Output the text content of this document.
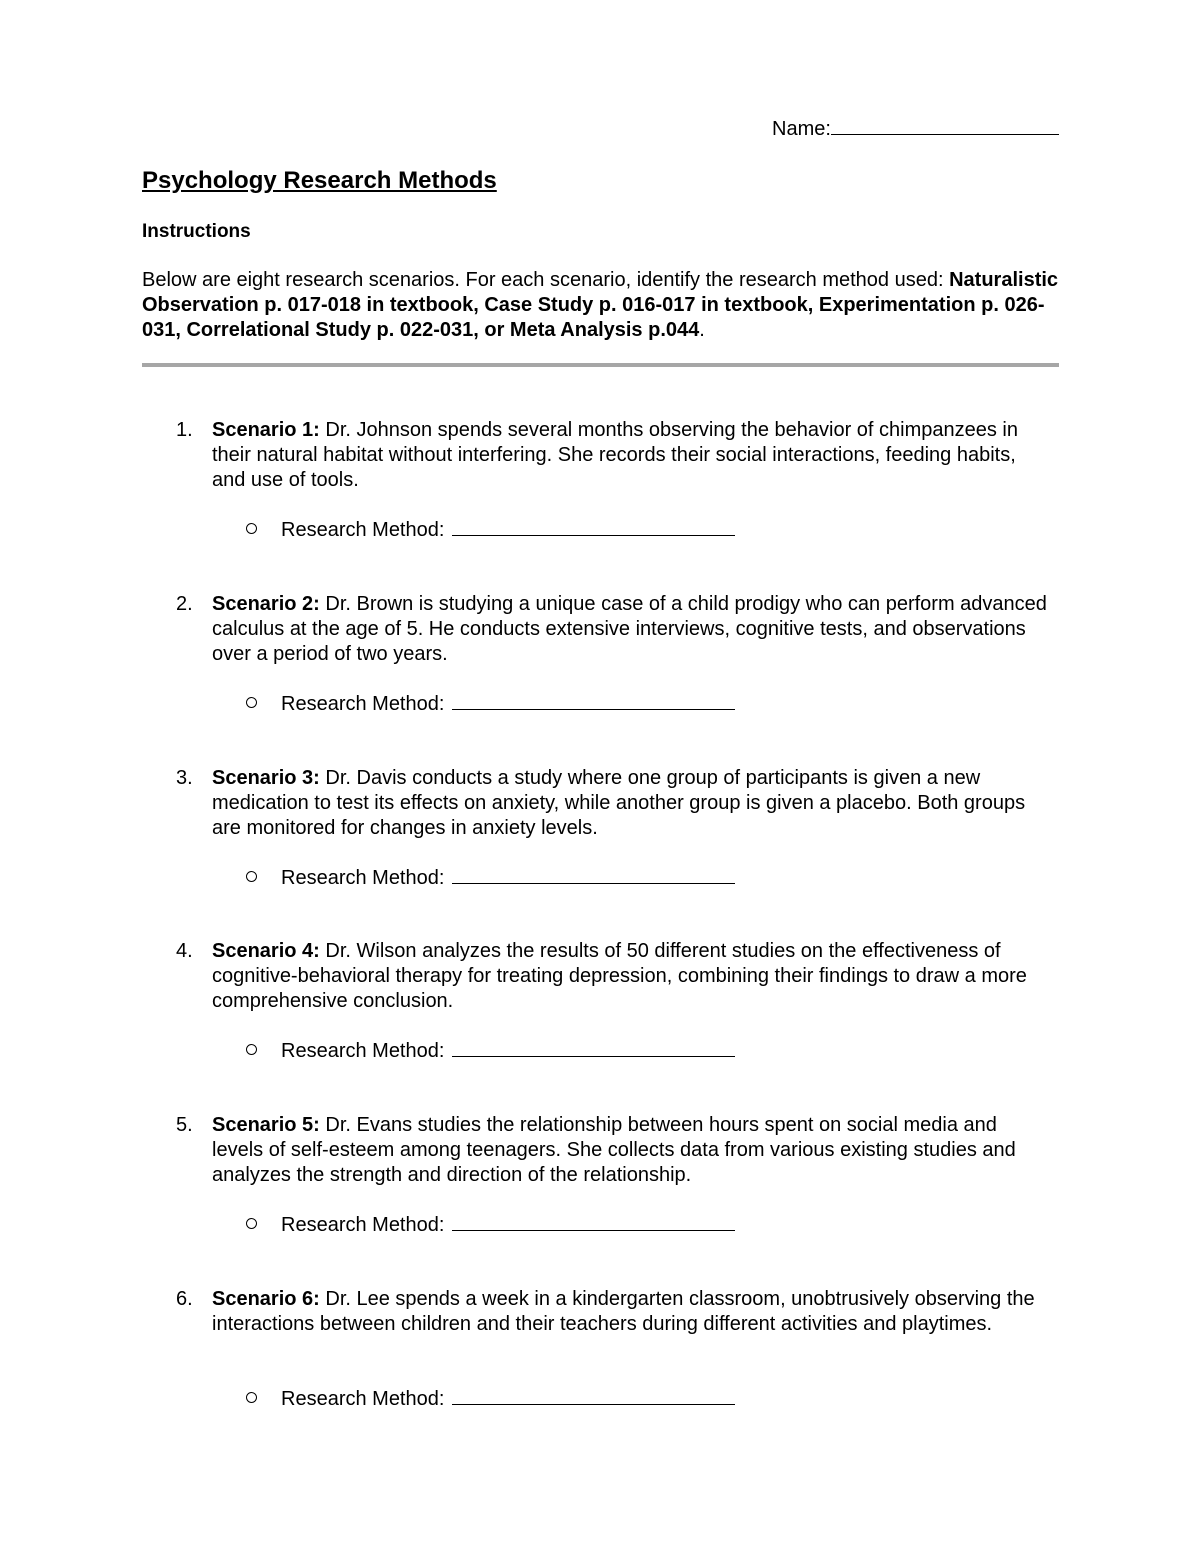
Name:
Psychology Research Methods
Instructions
Below are eight research scenarios. For each scenario, identify the research method used: Naturalistic Observation p. 017-018 in textbook, Case Study p. 016-017 in textbook, Experimentation p. 026-031, Correlational Study p. 022-031, or Meta Analysis p.044.
1. Scenario 1: Dr. Johnson spends several months observing the behavior of chimpanzees in their natural habitat without interfering. She records their social interactions, feeding habits, and use of tools.
Research Method:
2. Scenario 2: Dr. Brown is studying a unique case of a child prodigy who can perform advanced calculus at the age of 5. He conducts extensive interviews, cognitive tests, and observations over a period of two years.
Research Method:
3. Scenario 3: Dr. Davis conducts a study where one group of participants is given a new medication to test its effects on anxiety, while another group is given a placebo. Both groups are monitored for changes in anxiety levels.
Research Method:
4. Scenario 4: Dr. Wilson analyzes the results of 50 different studies on the effectiveness of cognitive-behavioral therapy for treating depression, combining their findings to draw a more comprehensive conclusion.
Research Method:
5. Scenario 5: Dr. Evans studies the relationship between hours spent on social media and levels of self-esteem among teenagers. She collects data from various existing studies and analyzes the strength and direction of the relationship.
Research Method:
6. Scenario 6: Dr. Lee spends a week in a kindergarten classroom, unobtrusively observing the interactions between children and their teachers during different activities and playtimes.
Research Method:
